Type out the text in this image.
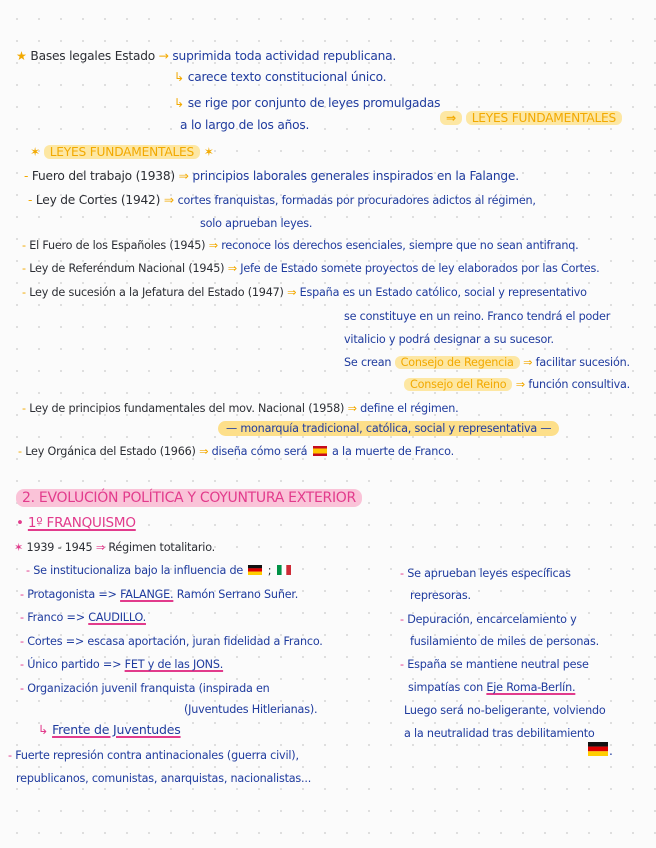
★ Bases legales Estado → suprimida toda actividad republicana.
↳ carece texto constitucional único.
↳ se rige por conjunto de leyes promulgadas
a lo largo de los años.	⇒ LEYES FUNDAMENTALES
✶ LEYES FUNDAMENTALES ✶
- Fuero del trabajo (1938) ⇒ principios laborales generales inspirados en la Falange.
- Ley de Cortes (1942) ⇒ cortes franquistas, formadas por procuradores adictos al régimen,
solo aprueban leyes.
- El Fuero de los Españoles (1945) ⇒ reconoce los derechos esenciales, siempre que no sean antifranq.
- Ley de Referéndum Nacional (1945) ⇒ Jefe de Estado somete proyectos de ley elaborados por las Cortes.
- Ley de sucesión a la Jefatura del Estado (1947) ⇒ España es un Estado católico, social y representativo
se constituye en un reino. Franco tendrá el poder
vitalicio y podrá designar a su sucesor.
Se crean Consejo de Regencia ⇒ facilitar sucesión.
Consejo del Reino ⇒ función consultiva.
- Ley de principios fundamentales del mov. Nacional (1958) ⇒ define el régimen.
— monarquía tradicional, católica, social y representativa —
- Ley Orgánica del Estado (1966) ⇒ diseña cómo será a la muerte de Franco.
2. EVOLUCIÓN POLÍTICA Y COYUNTURA EXTERIOR
• 1º FRANQUISMO
✶ 1939 - 1945 ⇒ Régimen totalitario.
- Se institucionaliza bajo la influencia de ;
- Protagonista => FALANGE. Ramón Serrano Suñer.
- Franco => CAUDILLO.
- Cortes => escasa aportación, juran fidelidad a Franco.
- Único partido => FET y de las JONS.
- Organización juvenil franquista (inspirada en
(Juventudes Hitlerianas).
↳ Frente de Juventudes
- Fuerte represión contra antinacionales (guerra civil),
republicanos, comunistas, anarquistas, nacionalistas...
- Se aprueban leyes específicas
represoras.
- Depuración, encarcelamiento y
fusilamiento de miles de personas.
- España se mantiene neutral pese
simpatías con Eje Roma-Berlín.
Luego será no-beligerante, volviendo
a la neutralidad tras debilitamiento
.
